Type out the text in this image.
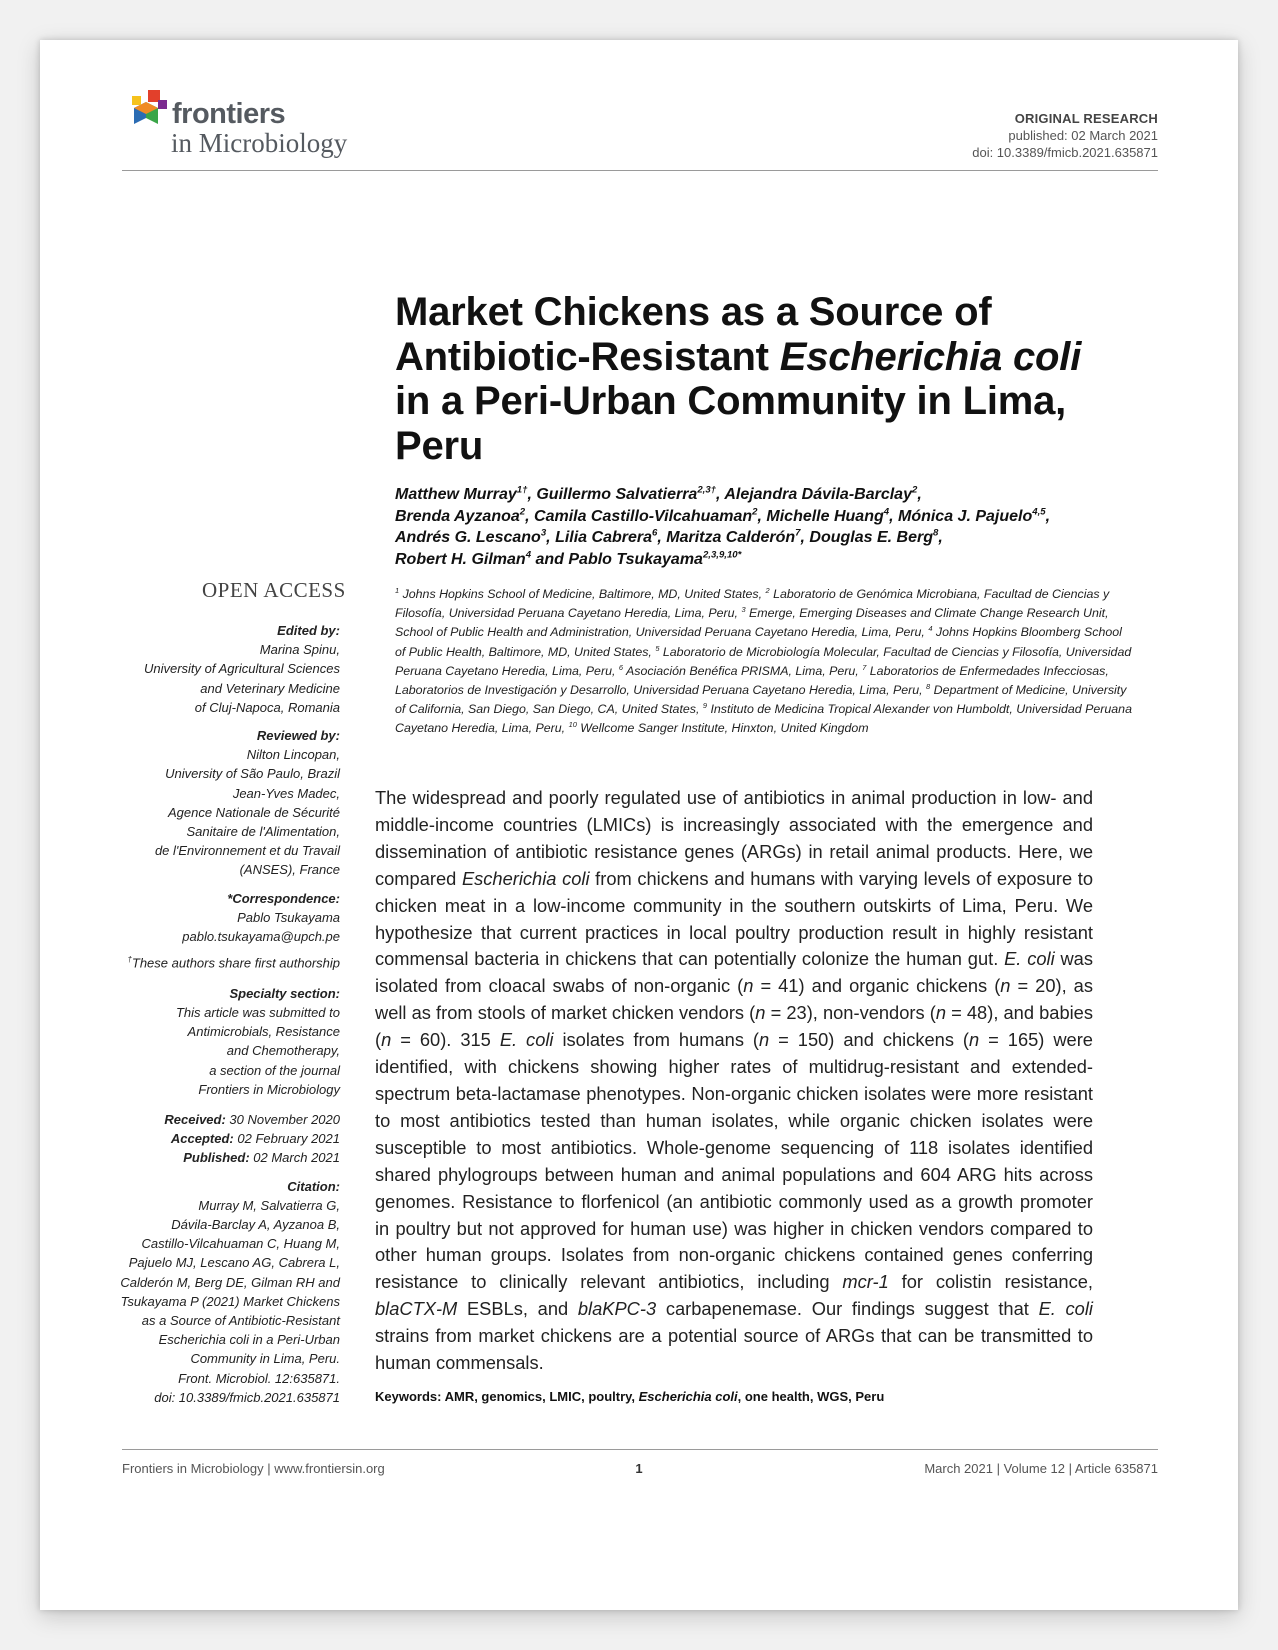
frontiers
in Microbiology
ORIGINAL RESEARCH
published: 02 March 2021
doi: 10.3389/fmicb.2021.635871
Market Chickens as a Source of
Antibiotic-Resistant Escherichia coli
in a Peri-Urban Community in Lima,
Peru
Matthew Murray$^{1\dagger}$, Guillermo Salvatierra$^{2,3\dagger}$, Alejandra Dávila-Barclay$^2$,
Brenda Ayzanoa$^2$, Camila Castillo-Vilcahuaman$^2$, Michelle Huang$^4$, Mónica J. Pajuelo$^{4,5}$,
Andrés G. Lescano$^3$, Lilia Cabrera$^6$, Maritza Calderón$^7$, Douglas E. Berg$^8$,
Robert H. Gilman$^4$ and Pablo Tsukayama$^{2,3,9,10*}$
OPEN ACCESS
Edited by:
Marina Spinu,
University of Agricultural Sciences
and Veterinary Medicine
of Cluj-Napoca, Romania
Reviewed by:
Nilton Lincopan,
University of São Paulo, Brazil
Jean-Yves Madec,
Agence Nationale de Sécurité
Sanitaire de l'Alimentation,
de l'Environnement et du Travail
(ANSES), France
*Correspondence:
Pablo Tsukayama
pablo.tsukayama@upch.pe
†These authors share first authorship
Specialty section:
This article was submitted to
Antimicrobials, Resistance
and Chemotherapy,
a section of the journal
Frontiers in Microbiology
Received: 30 November 2020
Accepted: 02 February 2021
Published: 02 March 2021
Citation:
Murray M, Salvatierra G,
Dávila-Barclay A, Ayzanoa B,
Castillo-Vilcahuaman C, Huang M,
Pajuelo MJ, Lescano AG, Cabrera L,
Calderón M, Berg DE, Gilman RH and
Tsukayama P (2021) Market Chickens
as a Source of Antibiotic-Resistant
Escherichia coli in a Peri-Urban
Community in Lima, Peru.
Front. Microbiol. 12:635871.
doi: 10.3389/fmicb.2021.635871
$^1$ Johns Hopkins School of Medicine, Baltimore, MD, United States, $^2$ Laboratorio de Genómica Microbiana, Facultad de Ciencias y Filosofía, Universidad Peruana Cayetano Heredia, Lima, Peru, $^3$ Emerge, Emerging Diseases and Climate Change Research Unit, School of Public Health and Administration, Universidad Peruana Cayetano Heredia, Lima, Peru, $^4$ Johns Hopkins Bloomberg School of Public Health, Baltimore, MD, United States, $^5$ Laboratorio de Microbiología Molecular, Facultad de Ciencias y Filosofía, Universidad Peruana Cayetano Heredia, Lima, Peru, $^6$ Asociación Benéfica PRISMA, Lima, Peru, $^7$ Laboratorios de Enfermedades Infecciosas, Laboratorios de Investigación y Desarrollo, Universidad Peruana Cayetano Heredia, Lima, Peru, $^8$ Department of Medicine, University of California, San Diego, San Diego, CA, United States, $^9$ Instituto de Medicina Tropical Alexander von Humboldt, Universidad Peruana Cayetano Heredia, Lima, Peru, $^{10}$ Wellcome Sanger Institute, Hinxton, United Kingdom
The widespread and poorly regulated use of antibiotics in animal production in low- and middle-income countries (LMICs) is increasingly associated with the emergence and dissemination of antibiotic resistance genes (ARGs) in retail animal products. Here, we compared Escherichia coli from chickens and humans with varying levels of exposure to chicken meat in a low-income community in the southern outskirts of Lima, Peru. We hypothesize that current practices in local poultry production result in highly resistant commensal bacteria in chickens that can potentially colonize the human gut. E. coli was isolated from cloacal swabs of non-organic (n = 41) and organic chickens (n = 20), as well as from stools of market chicken vendors (n = 23), non-vendors (n = 48), and babies (n = 60). 315 E. coli isolates from humans (n = 150) and chickens (n = 165) were identified, with chickens showing higher rates of multidrug-resistant and extended-spectrum beta-lactamase phenotypes. Non-organic chicken isolates were more resistant to most antibiotics tested than human isolates, while organic chicken isolates were susceptible to most antibiotics. Whole-genome sequencing of 118 isolates identified shared phylogroups between human and animal populations and 604 ARG hits across genomes. Resistance to florfenicol (an antibiotic commonly used as a growth promoter in poultry but not approved for human use) was higher in chicken vendors compared to other human groups. Isolates from non-organic chickens contained genes conferring resistance to clinically relevant antibiotics, including mcr-1 for colistin resistance, blaCTX-M ESBLs, and blaKPC-3 carbapenemase. Our findings suggest that E. coli strains from market chickens are a potential source of ARGs that can be transmitted to human commensals.
Keywords: AMR, genomics, LMIC, poultry, Escherichia coli, one health, WGS, Peru
Frontiers in Microbiology | www.frontiersin.org	1	March 2021 | Volume 12 | Article 635871
